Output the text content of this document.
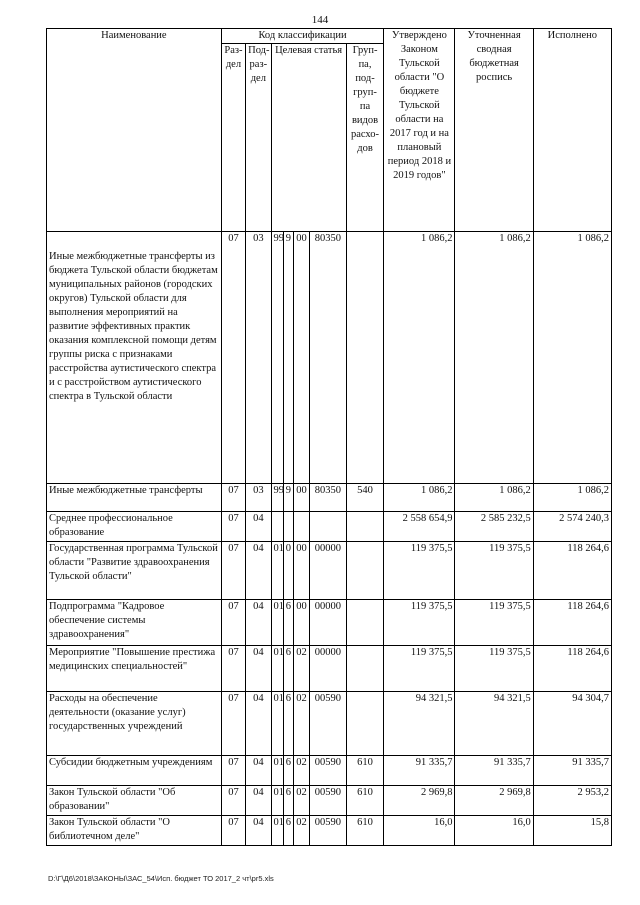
144
Наименование	Код классификации							Утверждено Законом Тульской области "О бюджете Тульской области на 2017 год и на плановый период 2018 и 2019 годов"	Уточненная сводная бюджетная роспись	Исполнено
	Раз-дел	Под-раз-дел	Целевая статья				Груп-па, под-груп-па видов расхо-дов			
Иные межбюджетные трансферты из бюджета Тульской области бюджетам муниципальных районов (городских округов) Тульской области для выполнения мероприятий на развитие эффективных практик оказания комплексной помощи детям группы риска с признаками расстройства аутистического спектра и с расстройством аутистического спектра в Тульской области	07	03	99	9	00	80350		1 086,2	1 086,2	1 086,2
Иные межбюджетные трансферты	07	03	99	9	00	80350	540	1 086,2	1 086,2	1 086,2
Среднее профессиональное образование	07	04						2 558 654,9	2 585 232,5	2 574 240,3
Государственная программа Тульской области "Развитие здравоохранения Тульской области"	07	04	01	0	00	00000		119 375,5	119 375,5	118 264,6
Подпрограмма "Кадровое обеспечение системы здравоохранения"	07	04	01	6	00	00000		119 375,5	119 375,5	118 264,6
Мероприятие "Повышение престижа медицинских специальностей"	07	04	01	6	02	00000		119 375,5	119 375,5	118 264,6
Расходы на обеспечение деятельности (оказание услуг) государственных учреждений	07	04	01	6	02	00590		94 321,5	94 321,5	94 304,7
Субсидии бюджетным учреждениям	07	04	01	6	02	00590	610	91 335,7	91 335,7	91 335,7
Закон Тульской области "Об образовании"	07	04	01	6	02	00590	610	2 969,8	2 969,8	2 953,2
Закон Тульской области "О библиотечном деле"	07	04	01	6	02	00590	610	16,0	16,0	15,8
D:\Г\Д6\2018\ЗАКОНЫ\ЗАС_54\Исп. бюджет ТО 2017_2 чт\pr5.xls
